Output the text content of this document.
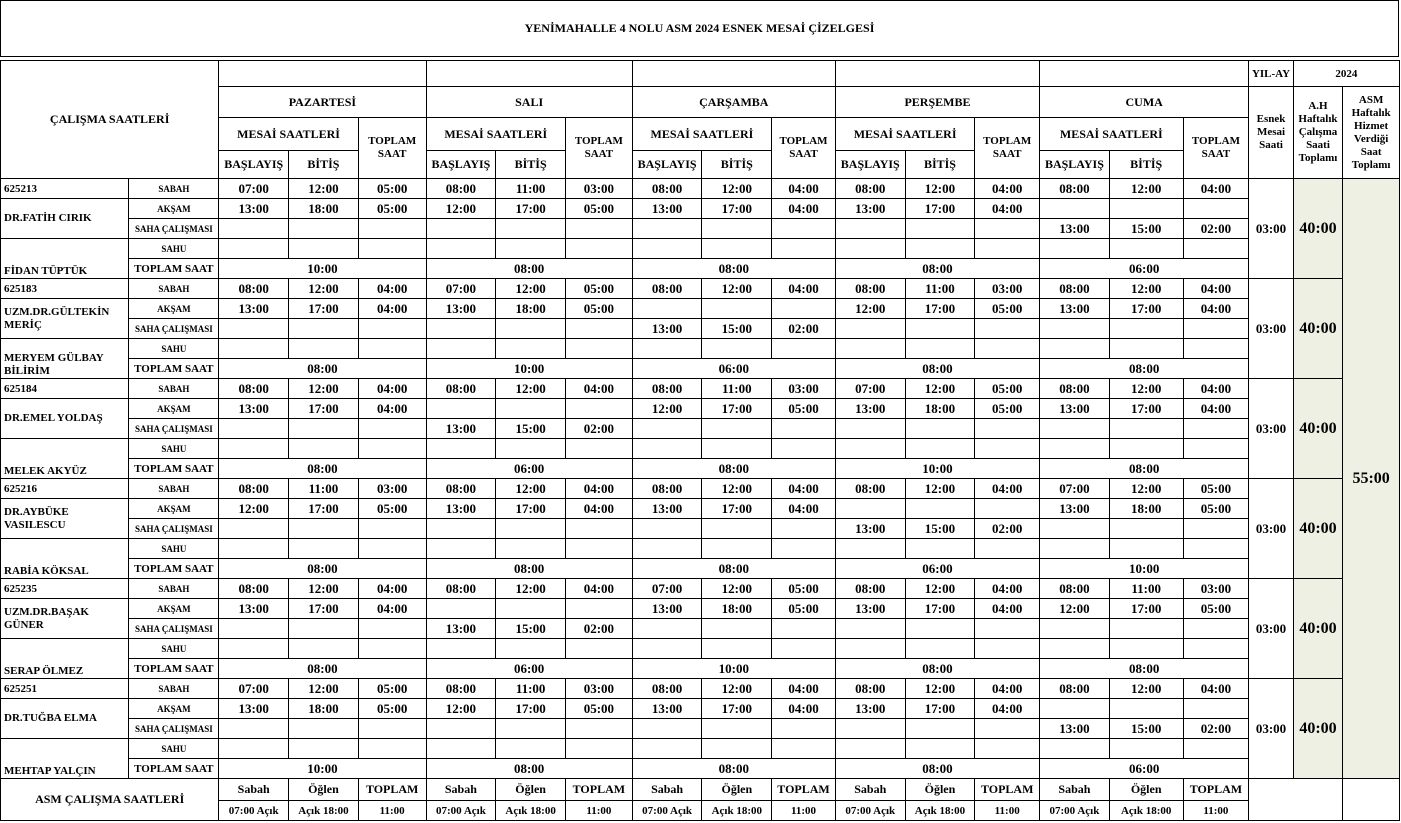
YENİMAHALLE 4 NOLU ASM 2024 ESNEK MESAİ ÇİZELGESİ
ÇALIŞMA SAATLERİ																	YIL-AY	2024	
		PAZARTESİ			SALI			ÇARŞAMBA			PERŞEMBE			CUMA			Esnek Mesai Saati	A.H Haftalık Çalışma Saati Toplamı	ASM Haftalık Hizmet Verdiği Saat Toplamı
		MESAİ SAATLERİ		TOPLAM SAAT	MESAİ SAATLERİ		TOPLAM SAAT	MESAİ SAATLERİ		TOPLAM SAAT	MESAİ SAATLERİ		TOPLAM SAAT	MESAİ SAATLERİ		TOPLAM SAAT			
		BAŞLAYIŞ	BİTİŞ		BAŞLAYIŞ	BİTİŞ		BAŞLAYIŞ	BİTİŞ		BAŞLAYIŞ	BİTİŞ		BAŞLAYIŞ	BİTİŞ				
625213	SABAH	07:00	12:00	05:00	08:00	11:00	03:00	08:00	12:00	04:00	08:00	12:00	04:00	08:00	12:00	04:00	03:00	40:00	55:00
DR.FATİH CIRIK	AKŞAM	13:00	18:00	05:00	12:00	17:00	05:00	13:00	17:00	04:00	13:00	17:00	04:00						
	SAHA ÇALIŞMASI													13:00	15:00	02:00			
FİDAN TÜPTÜK	SAHU																		
	TOPLAM SAAT	10:00			08:00			08:00			08:00			06:00					
625183	SABAH	08:00	12:00	04:00	07:00	12:00	05:00	08:00	12:00	04:00	08:00	11:00	03:00	08:00	12:00	04:00	03:00	40:00	
UZM.DR.GÜLTEKİN MERİÇ	AKŞAM	13:00	17:00	04:00	13:00	18:00	05:00				12:00	17:00	05:00	13:00	17:00	04:00			
	SAHA ÇALIŞMASI							13:00	15:00	02:00									
MERYEM GÜLBAY BİLİRİM	SAHU																		
	TOPLAM SAAT	08:00			10:00			06:00			08:00			08:00					
625184	SABAH	08:00	12:00	04:00	08:00	12:00	04:00	08:00	11:00	03:00	07:00	12:00	05:00	08:00	12:00	04:00	03:00	40:00	
DR.EMEL YOLDAŞ	AKŞAM	13:00	17:00	04:00				12:00	17:00	05:00	13:00	18:00	05:00	13:00	17:00	04:00			
	SAHA ÇALIŞMASI				13:00	15:00	02:00												
MELEK AKYÜZ	SAHU																		
	TOPLAM SAAT	08:00			06:00			08:00			10:00			08:00					
625216	SABAH	08:00	11:00	03:00	08:00	12:00	04:00	08:00	12:00	04:00	08:00	12:00	04:00	07:00	12:00	05:00	03:00	40:00	
DR.AYBÜKE VASILESCU	AKŞAM	12:00	17:00	05:00	13:00	17:00	04:00	13:00	17:00	04:00				13:00	18:00	05:00			
	SAHA ÇALIŞMASI										13:00	15:00	02:00						
RABİA KÖKSAL	SAHU																		
	TOPLAM SAAT	08:00			08:00			08:00			06:00			10:00					
625235	SABAH	08:00	12:00	04:00	08:00	12:00	04:00	07:00	12:00	05:00	08:00	12:00	04:00	08:00	11:00	03:00	03:00	40:00	
UZM.DR.BAŞAK GÜNER	AKŞAM	13:00	17:00	04:00				13:00	18:00	05:00	13:00	17:00	04:00	12:00	17:00	05:00			
	SAHA ÇALIŞMASI				13:00	15:00	02:00												
SERAP ÖLMEZ	SAHU																		
	TOPLAM SAAT	08:00			06:00			10:00			08:00			08:00					
625251	SABAH	07:00	12:00	05:00	08:00	11:00	03:00	08:00	12:00	04:00	08:00	12:00	04:00	08:00	12:00	04:00	03:00	40:00	
DR.TUĞBA ELMA	AKŞAM	13:00	18:00	05:00	12:00	17:00	05:00	13:00	17:00	04:00	13:00	17:00	04:00						
	SAHA ÇALIŞMASI													13:00	15:00	02:00			
MEHTAP YALÇIN	SAHU																		
	TOPLAM SAAT	10:00			08:00			08:00			08:00			06:00					
ASM ÇALIŞMA SAATLERİ		Sabah	Öğlen	TOPLAM	Sabah	Öğlen	TOPLAM	Sabah	Öğlen	TOPLAM	Sabah	Öğlen	TOPLAM	Sabah	Öğlen	TOPLAM			
		07:00 Açık	Açık 18:00	11:00	07:00 Açık	Açık 18:00	11:00	07:00 Açık	Açık 18:00	11:00	07:00 Açık	Açık 18:00	11:00	07:00 Açık	Açık 18:00	11:00			
